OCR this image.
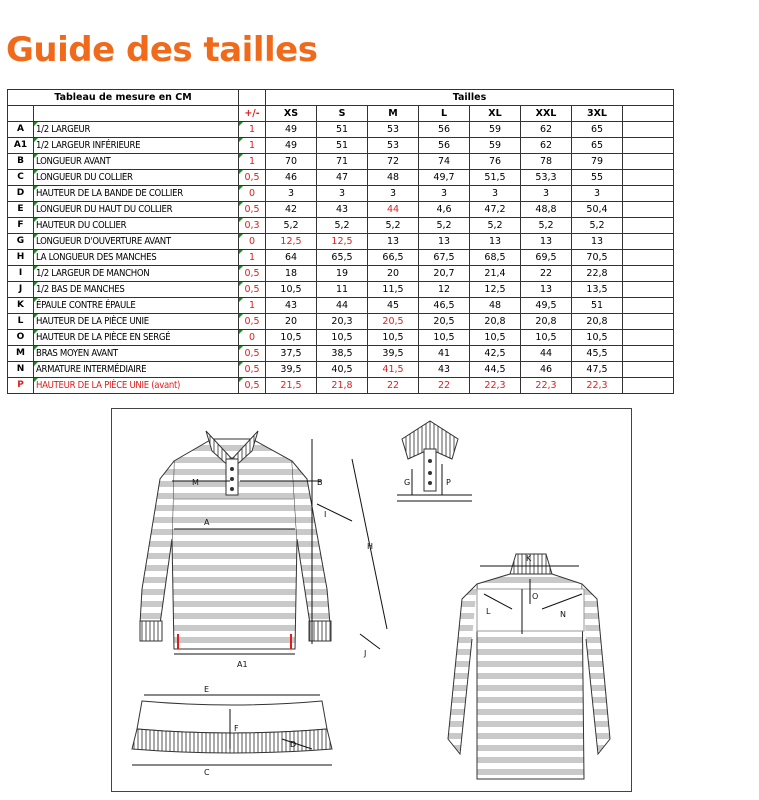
Guide des tailles
Tableau de mesure en CM			Tailles							
		+/-	XS	S	M	L	XL	XXL	3XL	
A	1/2 LARGEUR	1	49	51	53	56	59	62	65	
A1	1/2 LARGEUR INFÉRIEURE	1	49	51	53	56	59	62	65	
B	LONGUEUR AVANT	1	70	71	72	74	76	78	79	
C	LONGUEUR DU COLLIER	0,5	46	47	48	49,7	51,5	53,3	55	
D	HAUTEUR DE LA BANDE DE COLLIER	0	3	3	3	3	3	3	3	
E	LONGUEUR DU HAUT DU COLLIER	0,5	42	43	44	4,6	47,2	48,8	50,4	
F	HAUTEUR DU COLLIER	0,3	5,2	5,2	5,2	5,2	5,2	5,2	5,2	
G	LONGUEUR D'OUVERTURE AVANT	0	12,5	12,5	13	13	13	13	13	
H	LA LONGUEUR DES MANCHES	1	64	65,5	66,5	67,5	68,5	69,5	70,5	
I	1/2 LARGEUR DE MANCHON	0,5	18	19	20	20,7	21,4	22	22,8	
J	1/2 BAS DE MANCHES	0,5	10,5	11	11,5	12	12,5	13	13,5	
K	ÉPAULE CONTRE ÉPAULE	1	43	44	45	46,5	48	49,5	51	
L	HAUTEUR DE LA PIÈCE UNIE	0,5	20	20,3	20,5	20,5	20,8	20,8	20,8	
O	HAUTEUR DE LA PIÈCE EN SERGÉ	0	10,5	10,5	10,5	10,5	10,5	10,5	10,5	
M	BRAS MOYEN AVANT	0,5	37,5	38,5	39,5	41	42,5	44	45,5	
N	ARMATURE INTERMÉDIAIRE	0,5	39,5	40,5	41,5	43	44,5	46	47,5	
P	HAUTEUR DE LA PIÈCE UNIE (avant)	0,5	21,5	21,8	22	22	22,3	22,3	22,3	
M	B
A
I
H
J
A1
G	P
K
O
L	N
E
F
D
C
